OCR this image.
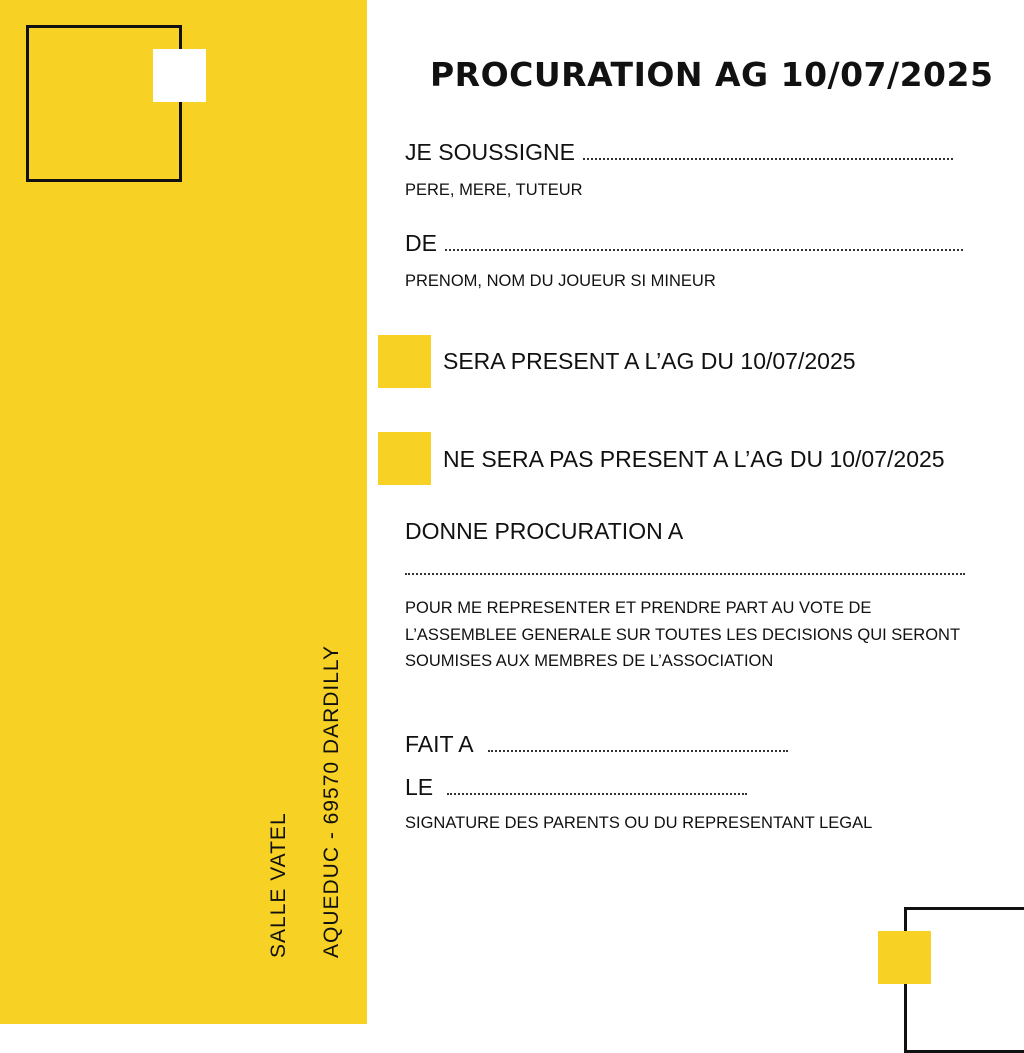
SALLE VATEL AQUEDUC - 69570 DARDILLY
PROCURATION AG 10/07/2025
JE SOUSSIGNE
PERE, MERE, TUTEUR
DE
PRENOM, NOM DU JOUEUR SI MINEUR
SERA PRESENT A L’AG DU 10/07/2025
NE SERA PAS PRESENT A L’AG DU 10/07/2025
DONNE PROCURATION A
POUR ME REPRESENTER ET PRENDRE PART AU VOTE DE
L’ASSEMBLEE GENERALE SUR TOUTES LES DECISIONS QUI SERONT
SOUMISES AUX MEMBRES DE L’ASSOCIATION
FAIT A
LE
SIGNATURE DES PARENTS OU DU REPRESENTANT LEGAL
